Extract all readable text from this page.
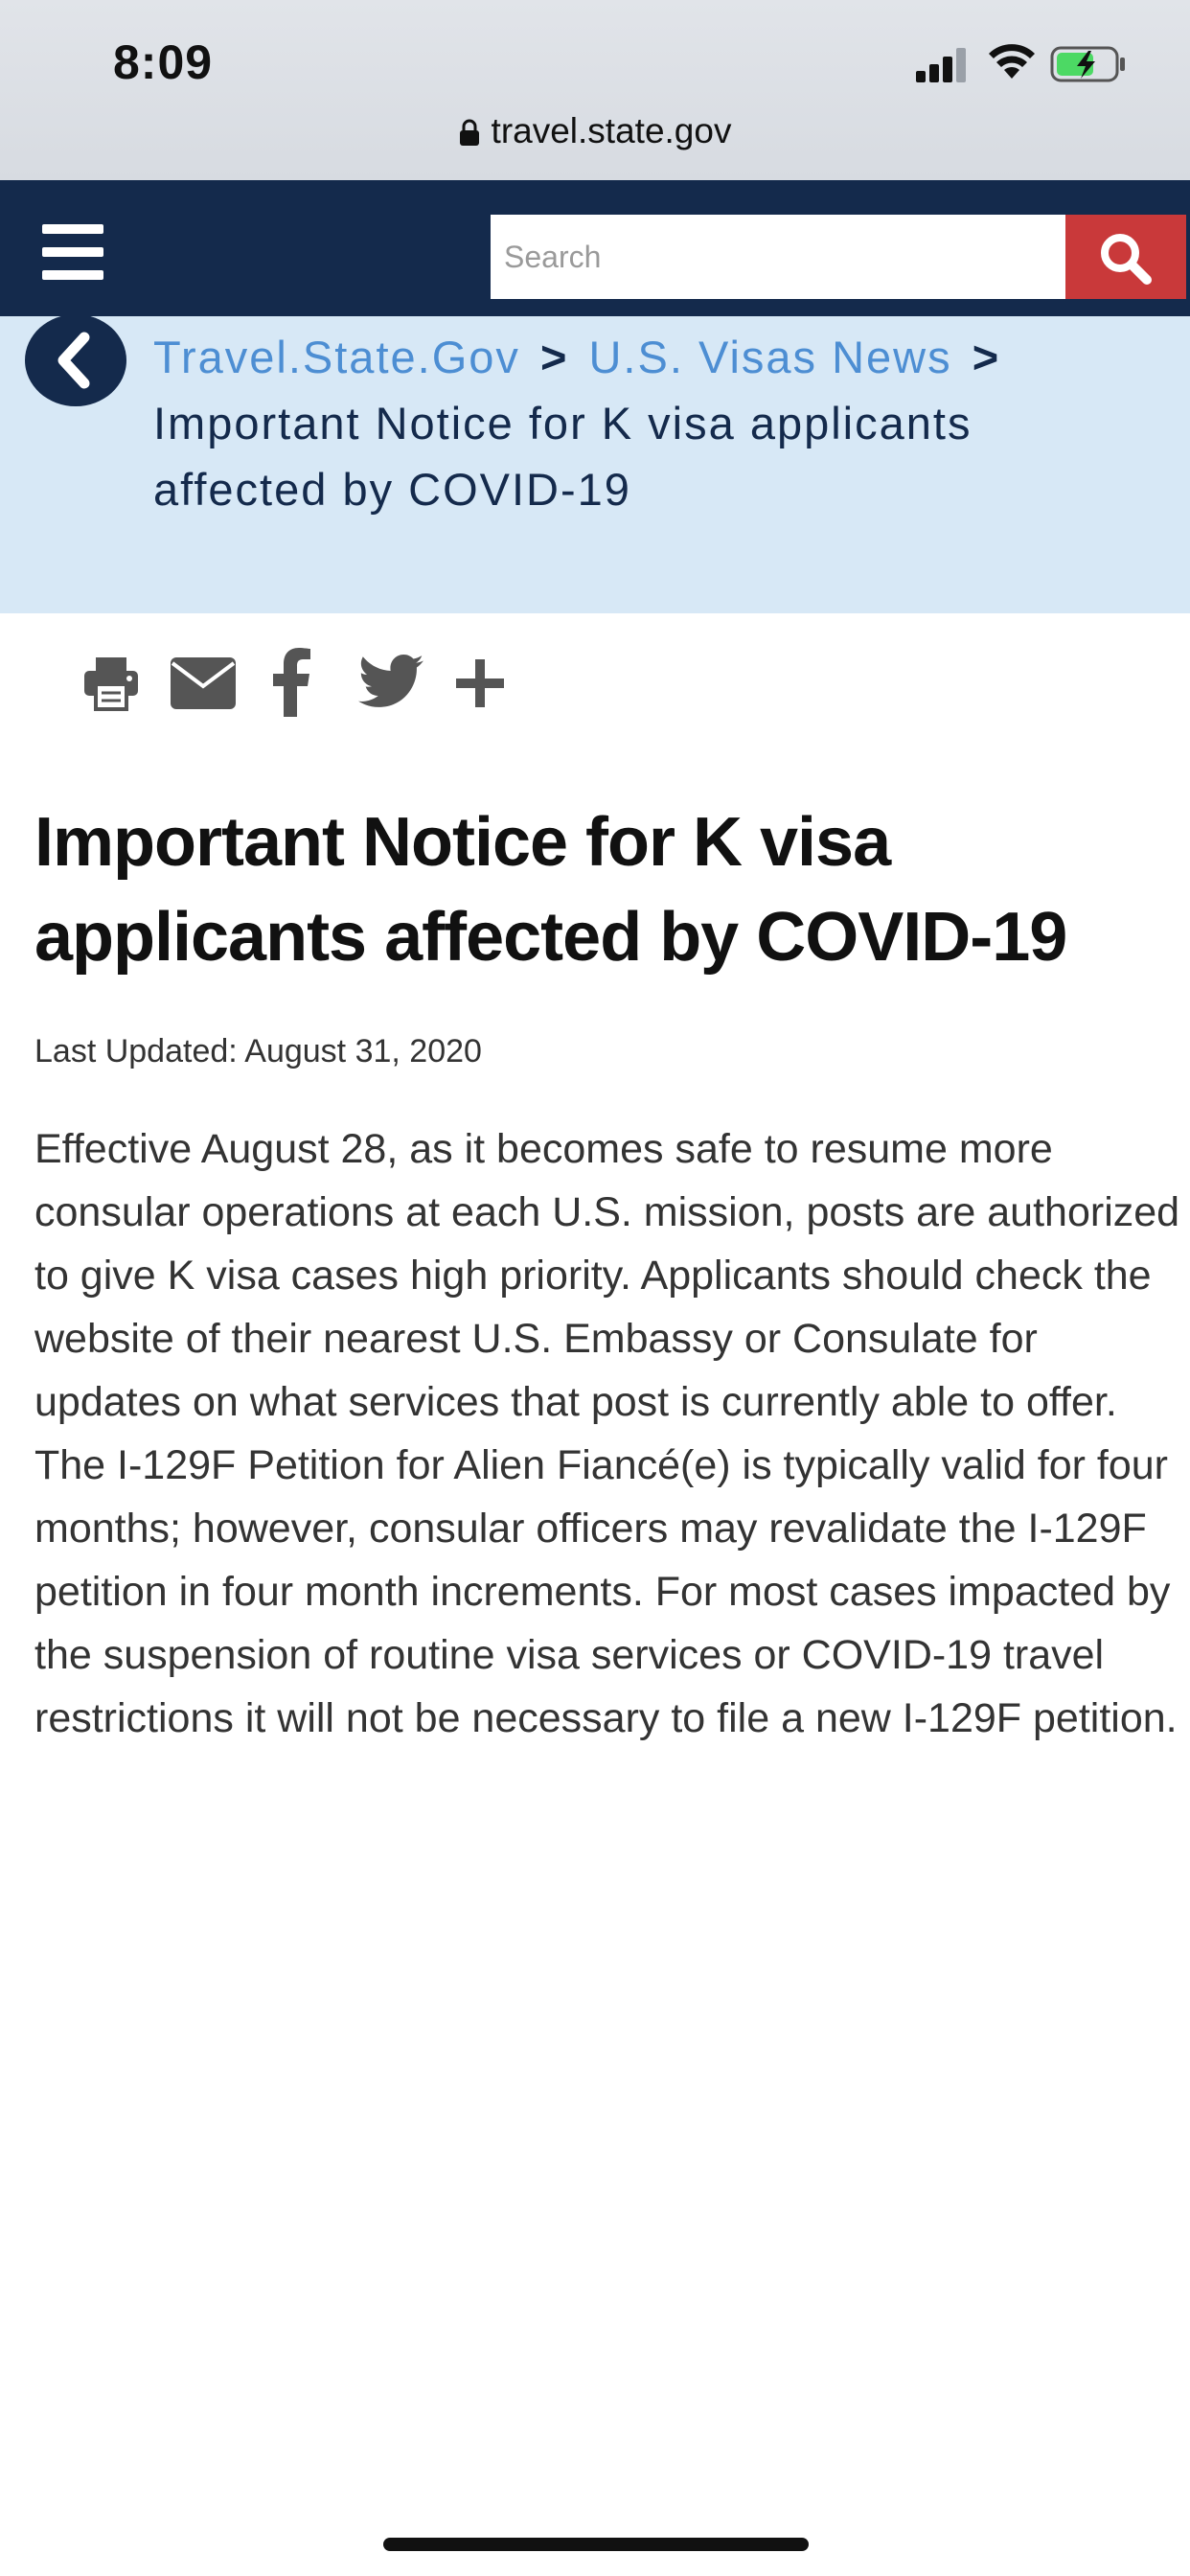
8:09
travel.state.gov
Search
Travel.State.Gov > U.S. Visas News > Important Notice for K visa applicants affected by COVID-19
Important Notice for K visa applicants affected by COVID-19
Last Updated: August 31, 2020

Effective August 28, as it becomes safe to resume more consular operations at each U.S. mission, posts are authorized to give K visa cases high priority. Applicants should check the website of their nearest U.S. Embassy or Consulate for updates on what services that post is currently able to offer. The I-129F Petition for Alien Fiancé(e) is typically valid for four months; however, consular officers may revalidate the I-129F petition in four month increments. For most cases impacted by the suspension of routine visa services or COVID-19 travel restrictions it will not be necessary to file a new I-129F petition.
